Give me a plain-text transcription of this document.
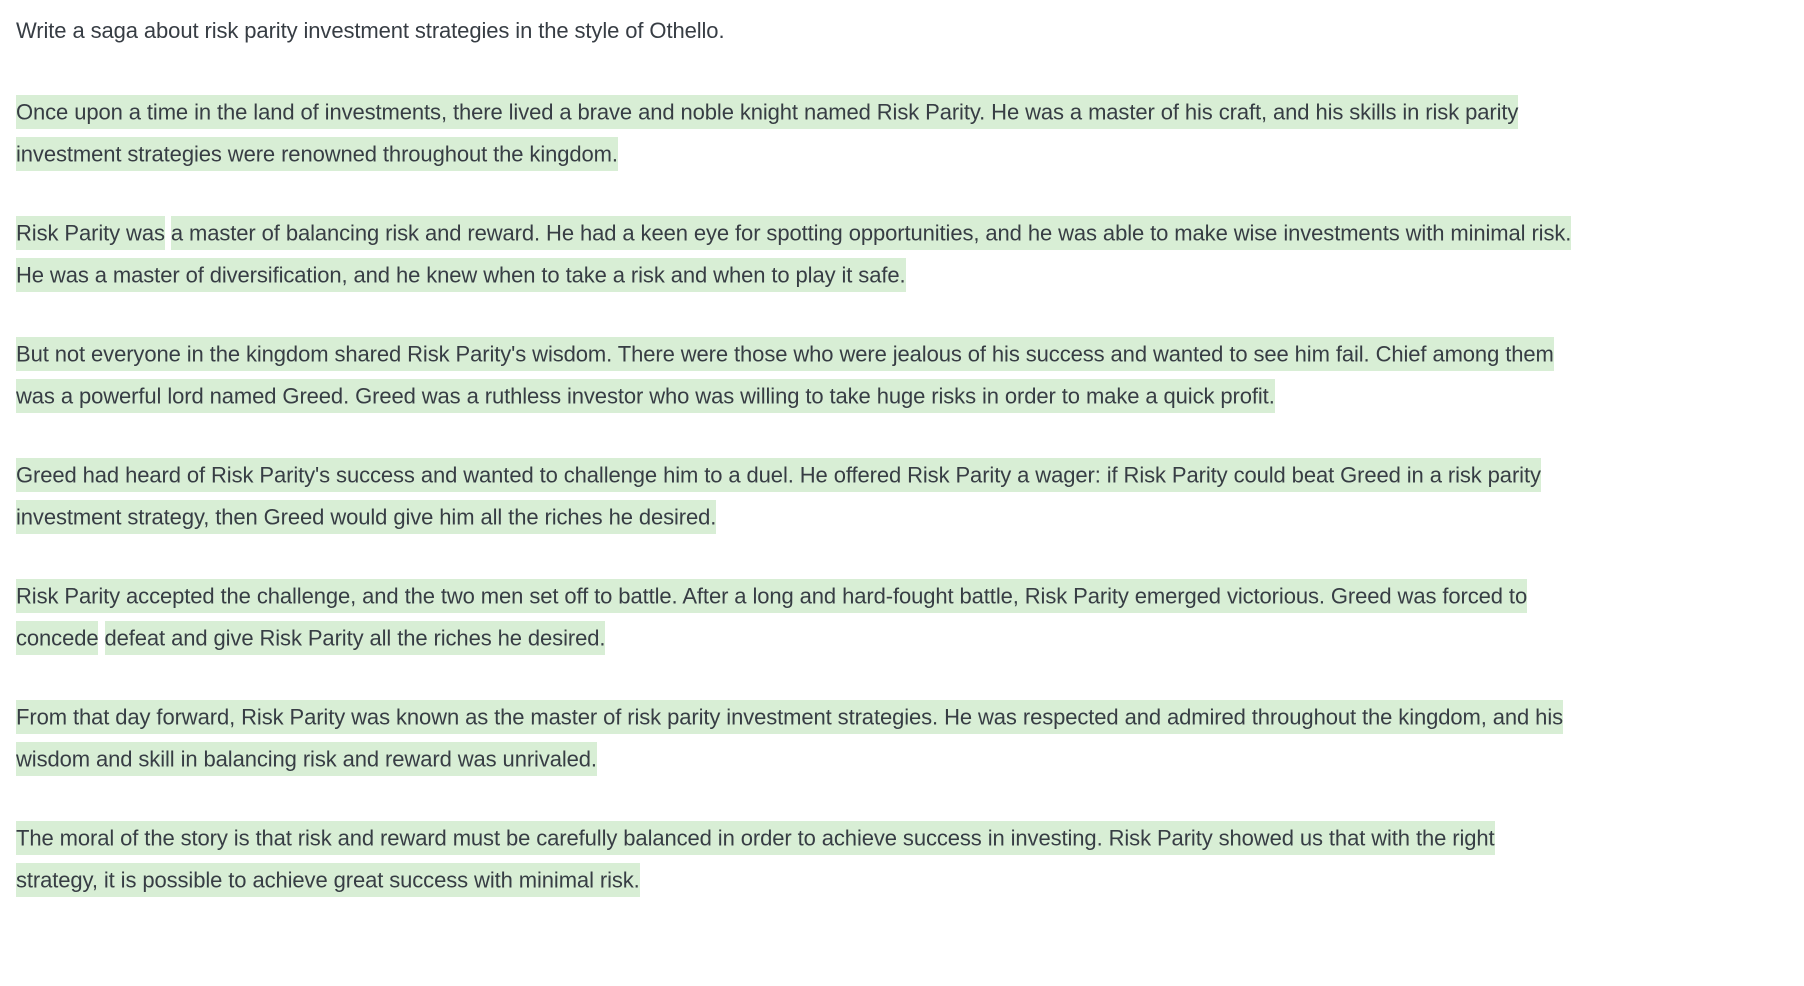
Write a saga about risk parity investment strategies in the style of Othello.

Once upon a time in the land of investments, there lived a brave and noble knight named Risk Parity. He was a master of his craft, and his skills in risk parity investment strategies were renowned throughout the kingdom.

Risk Parity was a master of balancing risk and reward. He had a keen eye for spotting opportunities, and he was able to make wise investments with minimal risk. He was a master of diversification, and he knew when to take a risk and when to play it safe.

But not everyone in the kingdom shared Risk Parity's wisdom. There were those who were jealous of his success and wanted to see him fail. Chief among them was a powerful lord named Greed. Greed was a ruthless investor who was willing to take huge risks in order to make a quick profit.

Greed had heard of Risk Parity's success and wanted to challenge him to a duel. He offered Risk Parity a wager: if Risk Parity could beat Greed in a risk parity investment strategy, then Greed would give him all the riches he desired.

Risk Parity accepted the challenge, and the two men set off to battle. After a long and hard-fought battle, Risk Parity emerged victorious. Greed was forced to concede defeat and give Risk Parity all the riches he desired.

From that day forward, Risk Parity was known as the master of risk parity investment strategies. He was respected and admired throughout the kingdom, and his wisdom and skill in balancing risk and reward was unrivaled.

The moral of the story is that risk and reward must be carefully balanced in order to achieve success in investing. Risk Parity showed us that with the right strategy, it is possible to achieve great success with minimal risk.
